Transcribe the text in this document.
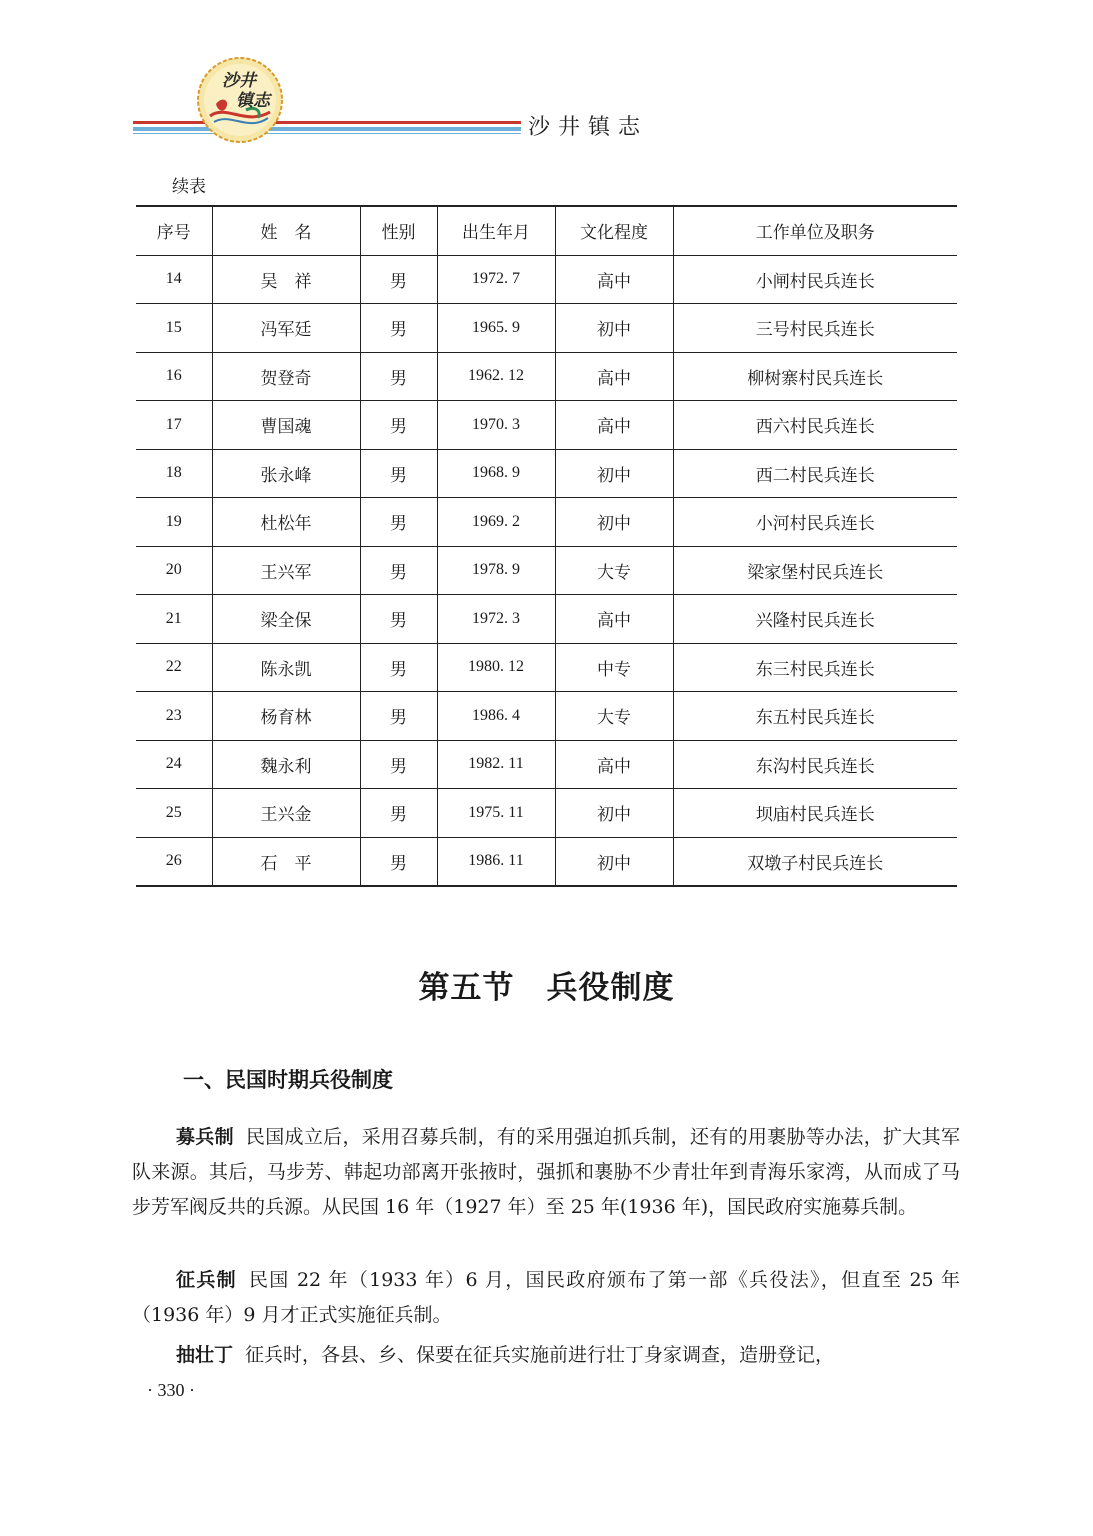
沙井
镇志
沙井镇志
续表
序号	姓　名	性别	出生年月	文化程度	工作单位及职务
14	吴　祥	男	1972. 7	高中	小闸村民兵连长
15	冯军廷	男	1965. 9	初中	三号村民兵连长
16	贺登奇	男	1962. 12	高中	柳树寨村民兵连长
17	曹国魂	男	1970. 3	高中	西六村民兵连长
18	张永峰	男	1968. 9	初中	西二村民兵连长
19	杜松年	男	1969. 2	初中	小河村民兵连长
20	王兴军	男	1978. 9	大专	梁家堡村民兵连长
21	梁全保	男	1972. 3	高中	兴隆村民兵连长
22	陈永凯	男	1980. 12	中专	东三村民兵连长
23	杨育林	男	1986. 4	大专	东五村民兵连长
24	魏永利	男	1982. 11	高中	东沟村民兵连长
25	王兴金	男	1975. 11	初中	坝庙村民兵连长
26	石　平	男	1986. 11	初中	双墩子村民兵连长
第五节　兵役制度
一、民国时期兵役制度

募兵制 民国成立后，采用召募兵制，有的采用强迫抓兵制，还有的用裹胁等办法，扩大其军队来源。其后，马步芳、韩起功部离开张掖时，强抓和裹胁不少青壮年到青海乐家湾，从而成了马步芳军阀反共的兵源。从民国 16 年（1927 年）至 25 年(1936 年)，国民政府实施募兵制。

征兵制 民国 22 年（1933 年）6 月，国民政府颁布了第一部《兵役法》，但直至 25 年（1936 年）9 月才正式实施征兵制。

抽壮丁 征兵时，各县、乡、保要在征兵实施前进行壮丁身家调查，造册登记，

· 330 ·
